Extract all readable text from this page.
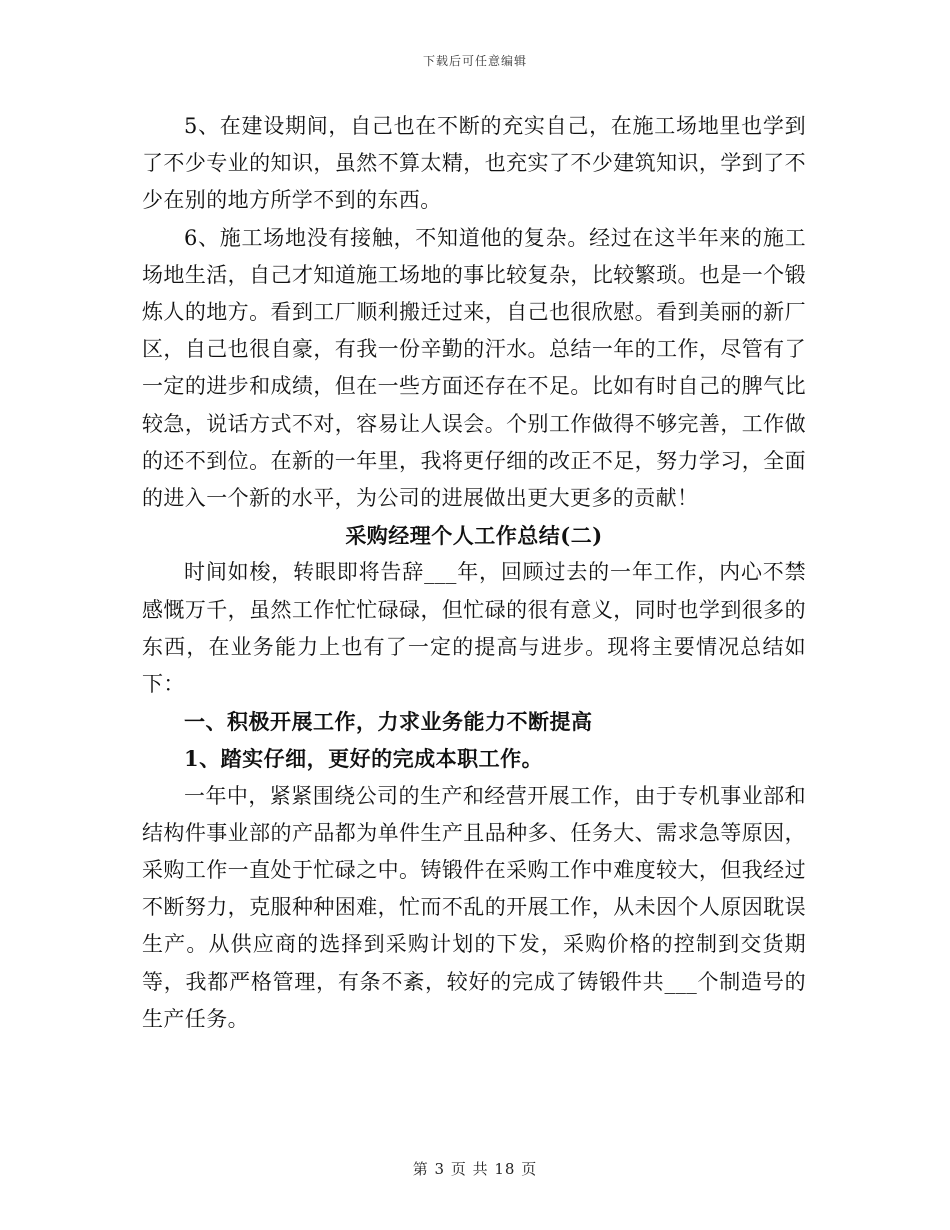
下载后可任意编辑

5、在建设期间，自己也在不断的充实自己，在施工场地里也学到了不少专业的知识，虽然不算太精，也充实了不少建筑知识，学到了不少在别的地方所学不到的东西。

6、施工场地没有接触，不知道他的复杂。经过在这半年来的施工场地生活，自己才知道施工场地的事比较复杂，比较繁琐。也是一个锻炼人的地方。看到工厂顺利搬迁过来，自己也很欣慰。看到美丽的新厂区，自己也很自豪，有我一份辛勤的汗水。总结一年的工作，尽管有了一定的进步和成绩，但在一些方面还存在不足。比如有时自己的脾气比较急，说话方式不对，容易让人误会。个别工作做得不够完善，工作做的还不到位。在新的一年里，我将更仔细的改正不足，努力学习，全面的进入一个新的水平，为公司的进展做出更大更多的贡献！

采购经理个人工作总结(二)

时间如梭，转眼即将告辞___年，回顾过去的一年工作，内心不禁感慨万千，虽然工作忙忙碌碌，但忙碌的很有意义，同时也学到很多的东西，在业务能力上也有了一定的提高与进步。现将主要情况总结如下：

一、积极开展工作，力求业务能力不断提高

1、踏实仔细，更好的完成本职工作。

一年中，紧紧围绕公司的生产和经营开展工作，由于专机事业部和结构件事业部的产品都为单件生产且品种多、任务大、需求急等原因，采购工作一直处于忙碌之中。铸锻件在采购工作中难度较大，但我经过不断努力，克服种种困难，忙而不乱的开展工作，从未因个人原因耽误生产。从供应商的选择到采购计划的下发，采购价格的控制到交货期等，我都严格管理，有条不紊，较好的完成了铸锻件共___个制造号的生产任务。

第 3 页 共 18 页
